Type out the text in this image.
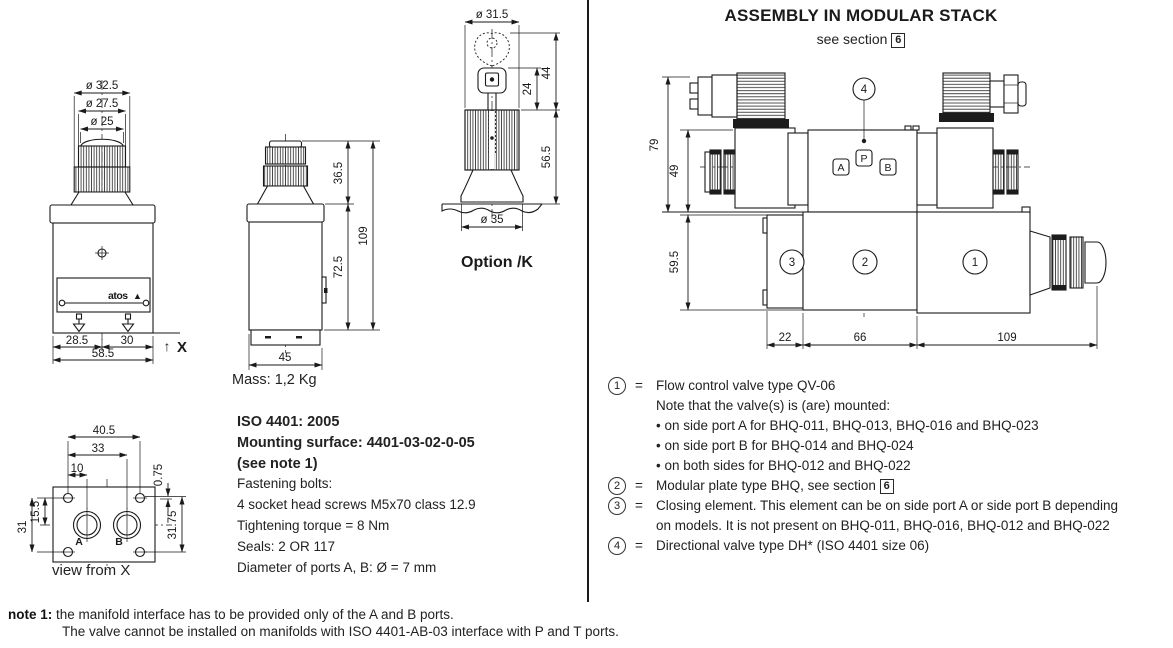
ø 32.5
ø 27.5
ø 25
atos ▲
28.5	30
58.5	↑ X
45
36.5
72.5
109
Mass: 1,2 Kg
ø 31.5
ø 35
24
44
56.5
Option /K
A	B
40.5
33
10
15.5
31
0.75
31.75
view from X
ISO 4401: 2005
Mounting surface: 4401-03-02-0-05
(see note 1)
Fastening bolts:
4 socket head screws M5x70 class 12.9
Tightening torque = 8 Nm
Seals: 2 OR 117
Diameter of ports A, B: Ø = 7 mm
ASSEMBLY IN MODULAR STACK
see section 6
A
P
B
4
3	2	1
79
49
59.5
22	66	109
1	= Flow control valve type QV-06
Note that the valve(s) is (are) mounted:
• on side port A for BHQ-011, BHQ-013, BHQ-016 and BHQ-023
• on side port B for BHQ-014 and BHQ-024
• on both sides for BHQ-012 and BHQ-022
2	= Modular plate type BHQ, see section 6
3	= Closing element. This element can be on side port A or side port B depending on models. It is not present on BHQ-011, BHQ-016, BHQ-012 and BHQ-022
4	= Directional valve type DH* (ISO 4401 size 06)
note 1: the manifold interface has to be provided only of the A and B ports.
The valve cannot be installed on manifolds with ISO 4401-AB-03 interface with P and T ports.
